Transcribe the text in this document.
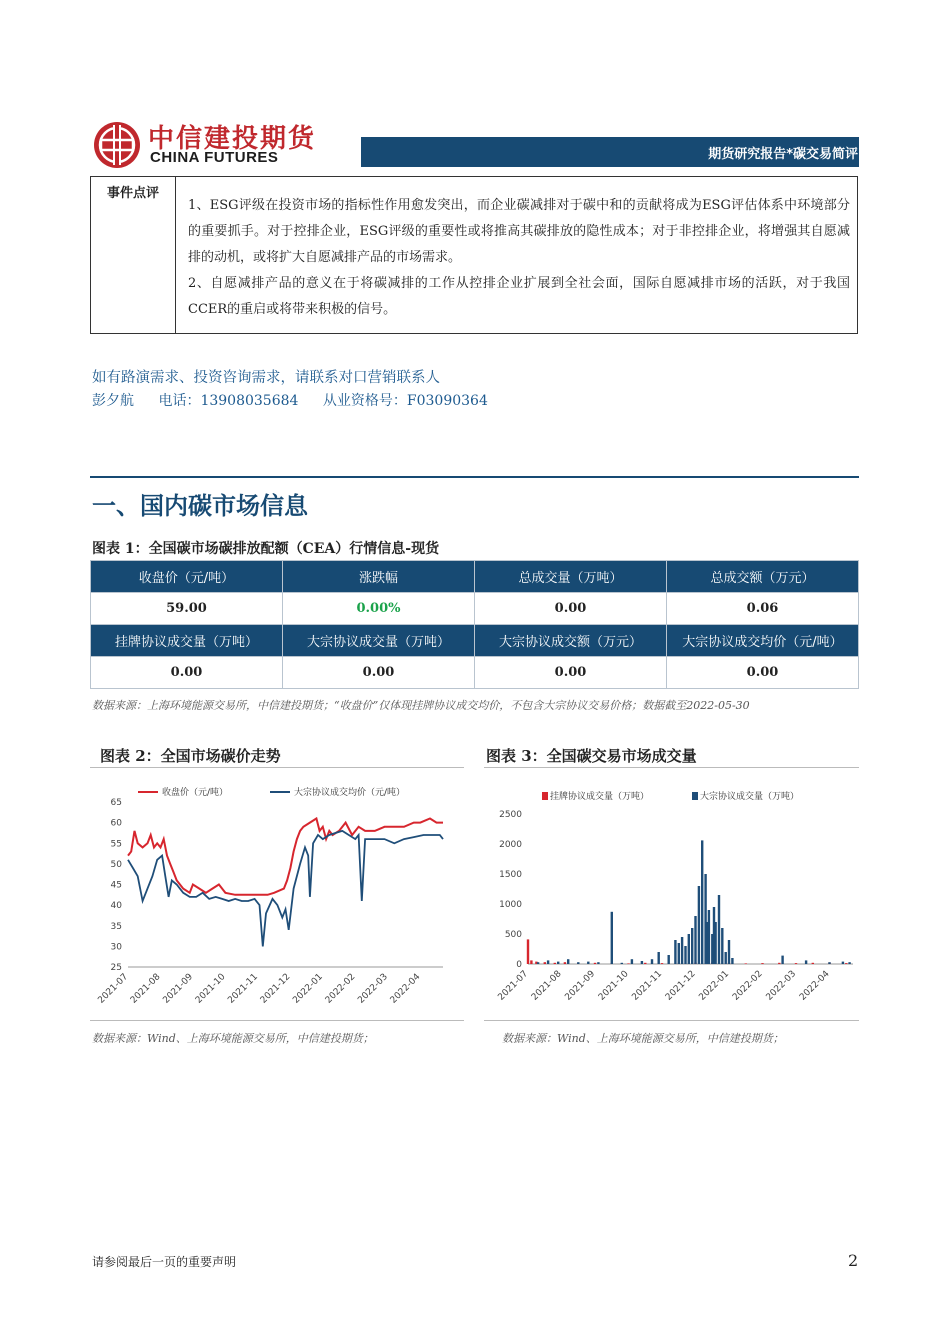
中信建投期货
CHINA FUTURES	期货研究报告*碳交易简评
事件点评

1、ESG评级在投资市场的指标性作用愈发突出，而企业碳减排对于碳中和的贡献将成为ESG评估体系中环境部分的重要抓手。对于控排企业，ESG评级的重要性或将推高其碳排放的隐性成本；对于非控排企业，将增强其自愿减排的动机，或将扩大自愿减排产品的市场需求。

2、自愿减排产品的意义在于将碳减排的工作从控排企业扩展到全社会面，国际自愿减排市场的活跃，对于我国CCER的重启或将带来积极的信号。

如有路演需求、投资咨询需求，请联系对口营销联系人
彭夕航 电话：13908035684 从业资格号：F03090364
一、国内碳市场信息
图表 1：全国碳市场碳排放配额（CEA）行情信息-现货
收盘价（元/吨）	涨跌幅	总成交量（万吨）	总成交额（万元）
59.00	0.00%	0.00	0.06
挂牌协议成交量（万吨）	大宗协议成交量（万吨）	大宗协议成交额（万元）	大宗协议成交均价（元/吨）
0.00	0.00	0.00	0.00
数据来源：上海环境能源交易所，中信建投期货；“收盘价”仅体现挂牌协议成交均价，不包含大宗协议交易价格；数据截至2022-05-30
图表 2：全国市场碳价走势
65
60
55
50
45
40
35
30
25
2021-07
2021-08
2021-09
2021-10
2021-11
2021-12
2022-01
2022-02
2022-03
2022-04
收盘价（元/吨）	大宗协议成交均价（元/吨）
数据来源：Wind、上海环境能源交易所，中信建投期货；
图表 3：全国碳交易市场成交量
2500
2000
1500
1000
500
0
2021-07 2021-08 2021-09 2021-10 2021-11 2021-12 2022-01 2022-02 2022-03 2022-04
挂牌协议成交量（万吨）	大宗协议成交量（万吨）
数据来源：Wind、上海环境能源交易所，中信建投期货；
请参阅最后一页的重要声明	2
